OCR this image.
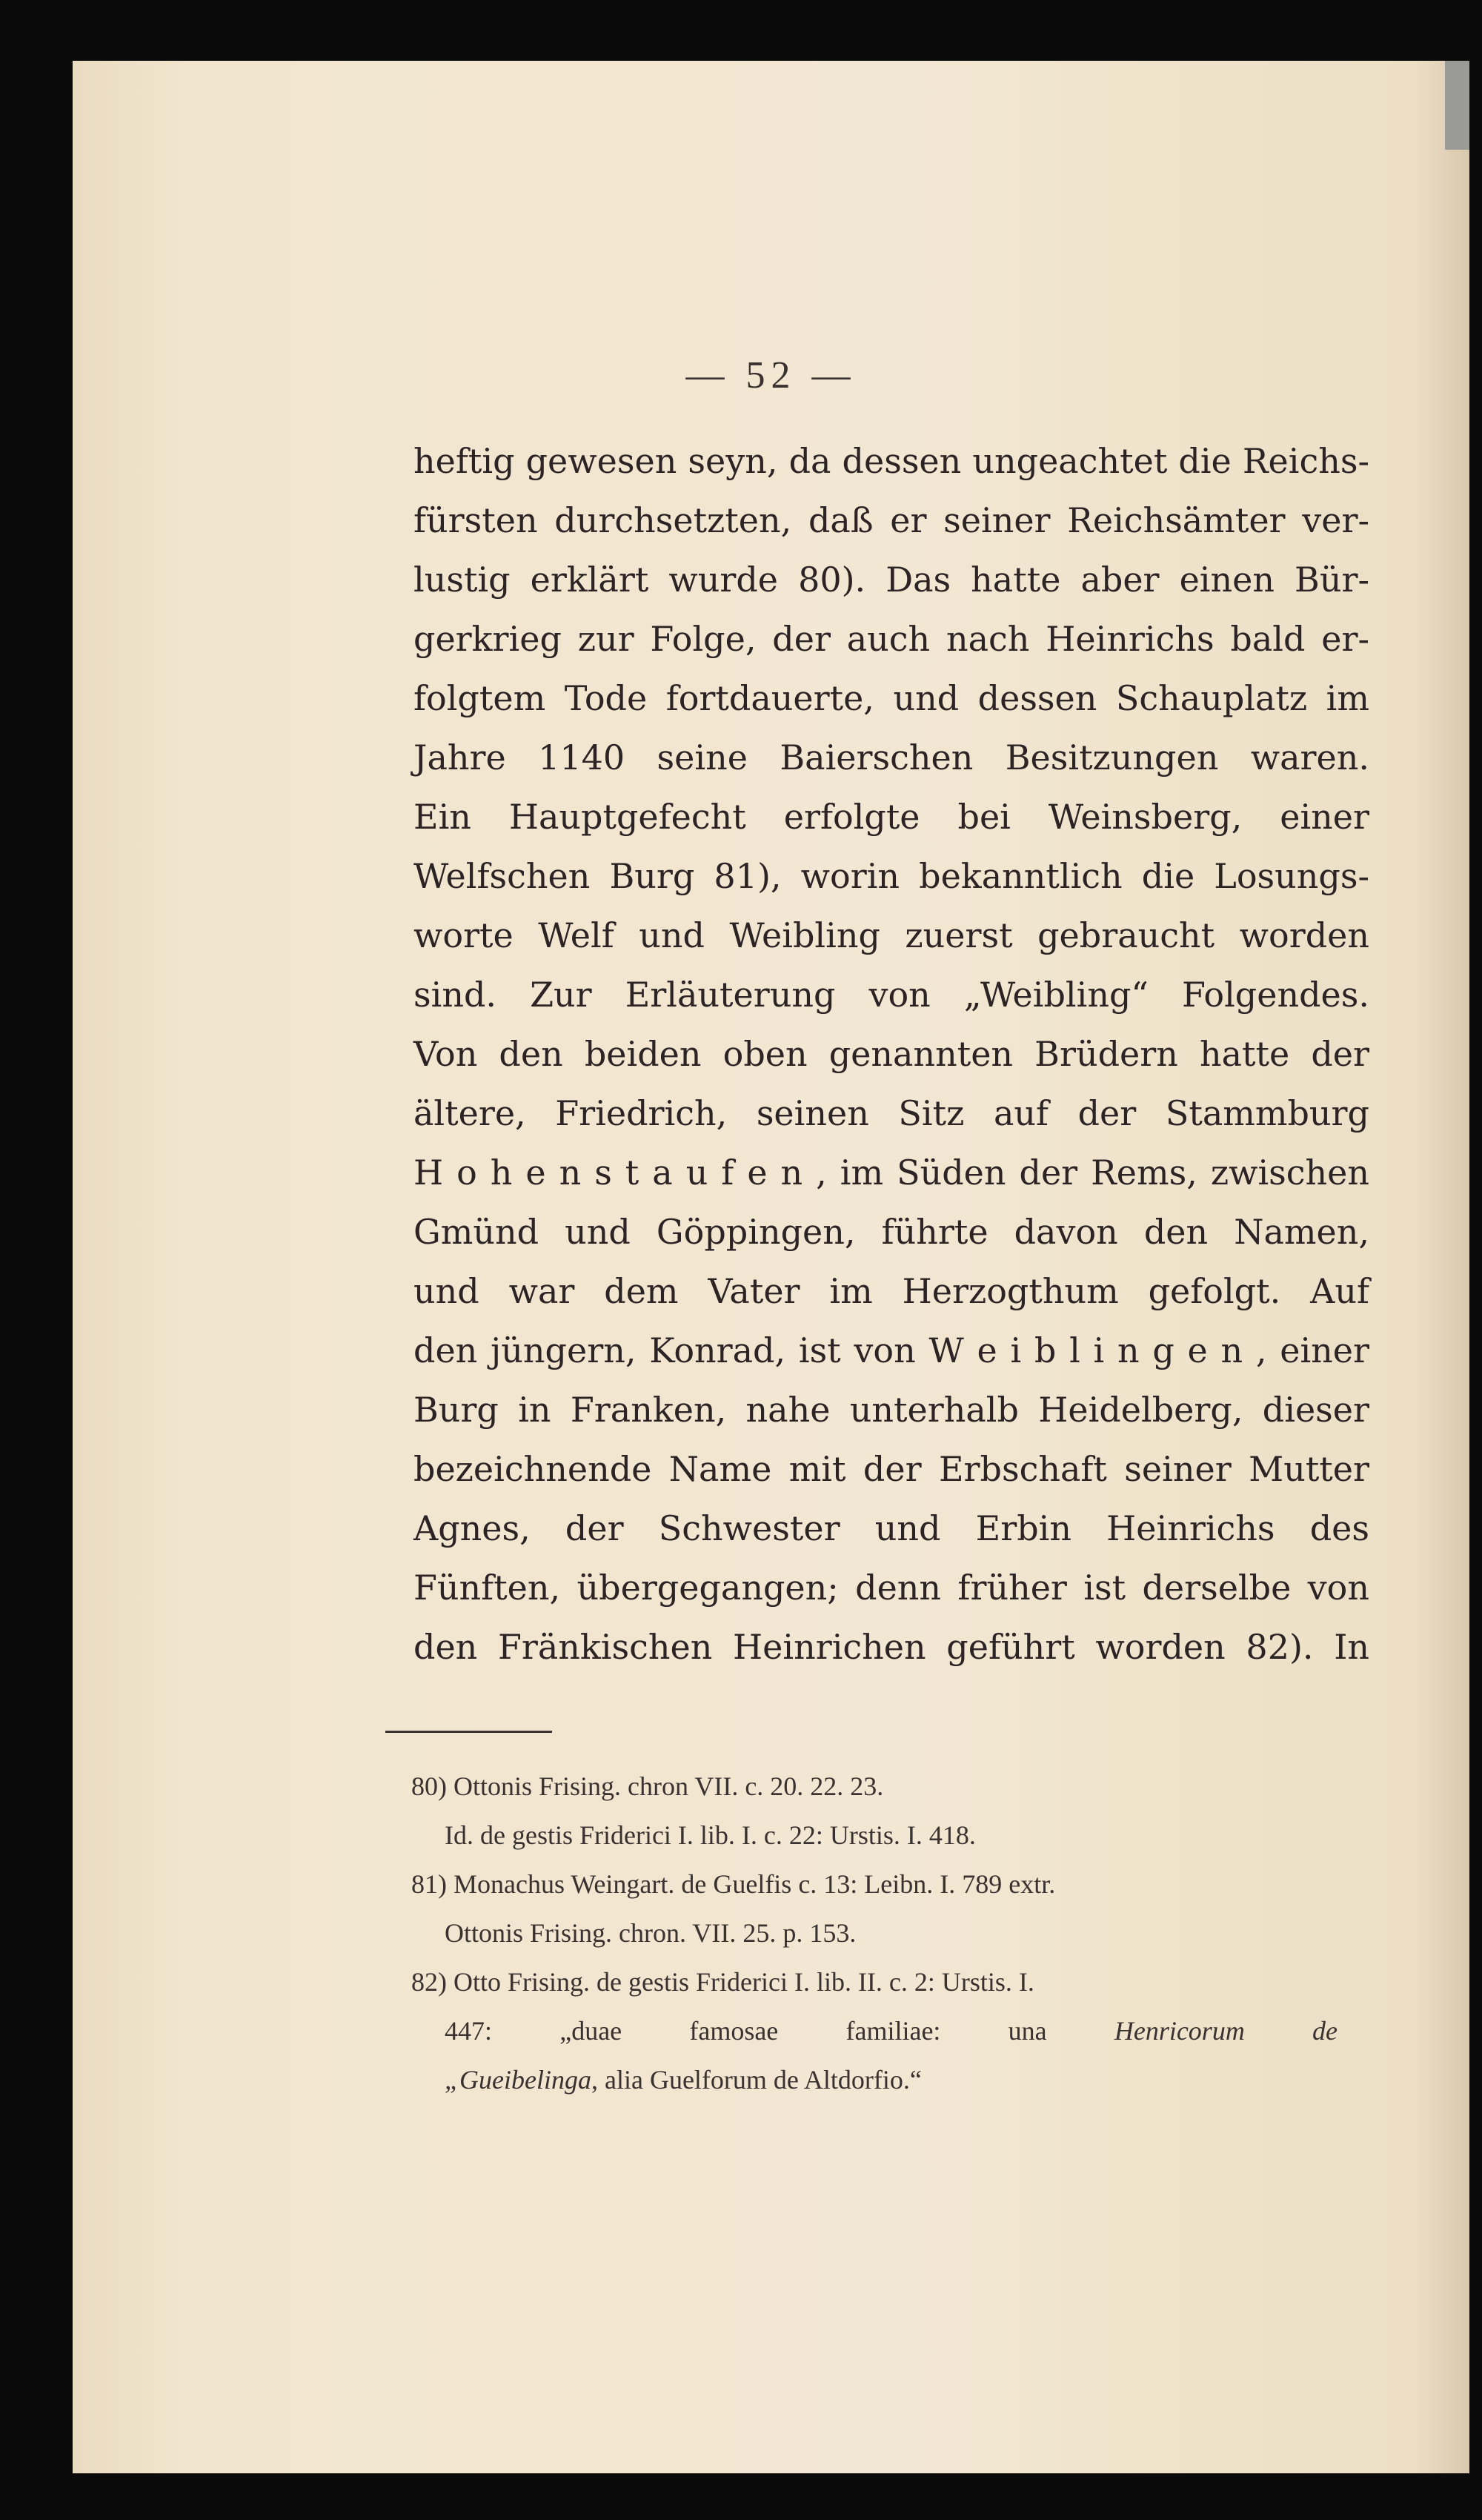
— 52 —
heftig gewesen seyn, da dessen ungeachtet die Reichs-
fürsten durchsetzten, daß er seiner Reichsämter ver-
lustig erklärt wurde 80). Das hatte aber einen Bür-
gerkrieg zur Folge, der auch nach Heinrichs bald er-
folgtem Tode fortdauerte, und dessen Schauplatz im
Jahre 1140 seine Baierschen Besitzungen waren.
Ein Hauptgefecht erfolgte bei Weinsberg, einer
Welfschen Burg 81), worin bekanntlich die Losungs-
worte Welf und Weibling zuerst gebraucht worden
sind. Zur Erläuterung von „Weibling“ Folgendes.
Von den beiden oben genannten Brüdern hatte der
ältere, Friedrich, seinen Sitz auf der Stammburg
H o h e n s t a u f e n , im Süden der Rems, zwischen
Gmünd und Göppingen, führte davon den Namen,
und war dem Vater im Herzogthum gefolgt. Auf
den jüngern, Konrad, ist von W e i b l i n g e n , einer
Burg in Franken, nahe unterhalb Heidelberg, dieser
bezeichnende Name mit der Erbschaft seiner Mutter
Agnes, der Schwester und Erbin Heinrichs des
Fünften, übergegangen; denn früher ist derselbe von
den Fränkischen Heinrichen geführt worden 82). In
80) Ottonis Frising. chron VII. c. 20. 22. 23.
Id. de gestis Friderici I. lib. I. c. 22: Urstis. I. 418.
81) Monachus Weingart. de Guelfis c. 13: Leibn. I. 789 extr.
Ottonis Frising. chron. VII. 25. p. 153.
82) Otto Frising. de gestis Friderici I. lib. II. c. 2: Urstis. I.
447: „duae famosae familiae: una	Henricorum de
„Gueibelinga, alia Guelforum de Altdorfio.“
